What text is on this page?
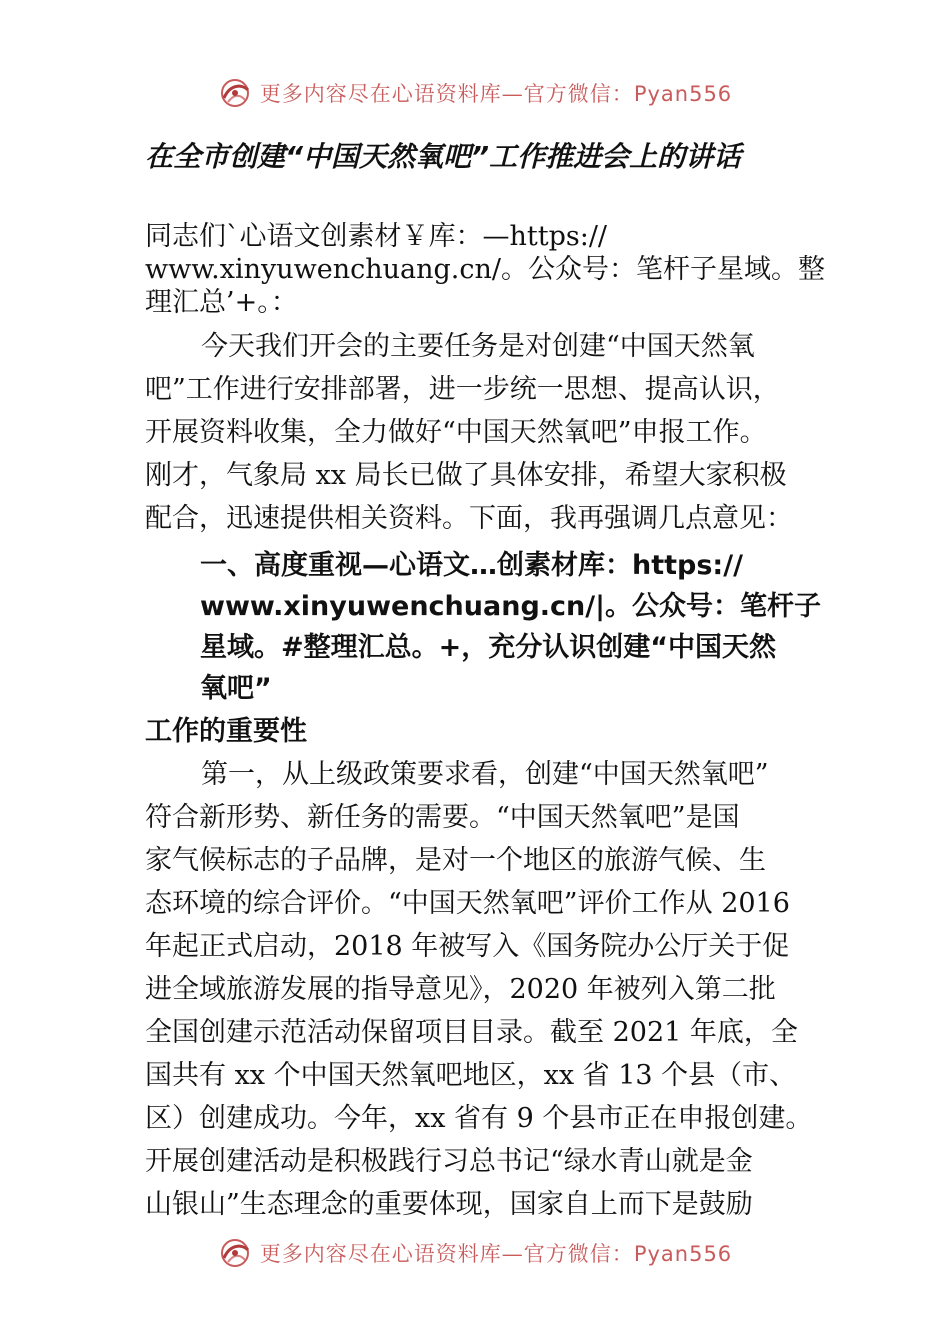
更多内容尽在心语资料库—官方微信：Pyan556
在全市创建“中国天然氧吧”工作推进会上的讲话
同志们`心语文创素材￥库：—https://
www.xinyuwenchuang.cn/。公众号：笔杆子星域。整
理汇总’+。：
今天我们开会的主要任务是对创建“中国天然氧
吧”工作进行安排部署，进一步统一思想、提高认识，
开展资料收集，全力做好“中国天然氧吧”申报工作。
刚才，气象局 xx 局长已做了具体安排，希望大家积极
配合，迅速提供相关资料。下面，我再强调几点意见：
一、高度重视—心语文…创素材库：https://
www.xinyuwenchuang.cn/|。公众号：笔杆子
星域。#整理汇总。+，充分认识创建“中国天然
氧吧”
工作的重要性
第一，从上级政策要求看，创建“中国天然氧吧”
符合新形势、新任务的需要。“中国天然氧吧”是国
家气候标志的子品牌，是对一个地区的旅游气候、生
态环境的综合评价。“中国天然氧吧”评价工作从 2016
年起正式启动，2018 年被写入《国务院办公厅关于促
进全域旅游发展的指导意见》，2020 年被列入第二批
全国创建示范活动保留项目目录。截至 2021 年底，全
国共有 xx 个中国天然氧吧地区，xx 省 13 个县（市、
区）创建成功。今年，xx 省有 9 个县市正在申报创建。
开展创建活动是积极践行习总书记“绿水青山就是金
山银山”生态理念的重要体现，国家自上而下是鼓励
更多内容尽在心语资料库—官方微信：Pyan556
